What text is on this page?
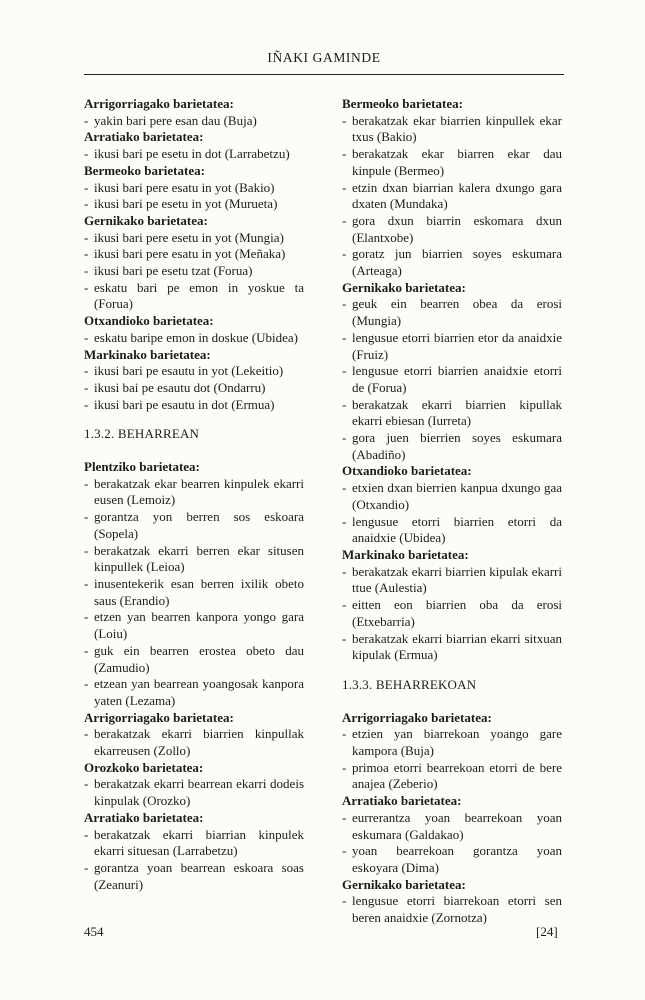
IÑAKI GAMINDE
Arrigorriagako barietatea:
- yakin bari pere esan dau (Buja)
Arratiako barietatea:
- ikusi bari pe esetu in dot (Larrabetzu)
Bermeoko barietatea:
- ikusi bari pere esatu in yot (Bakio)
- ikusi bari pe esetu in yot (Murueta)
Gernikako barietatea:
- ikusi bari pere esetu in yot (Mungia)
- ikusi bari pere esatu in yot (Meñaka)
- ikusi bari pe esetu tzat (Forua)
- eskatu bari pe emon in yoskue ta (Forua)
Otxandioko barietatea:
- eskatu baripe emon in doskue (Ubidea)
Markinako barietatea:
- ikusi bari pe esautu in yot (Lekeitio)
- ikusi bai pe esautu dot (Ondarru)
- ikusi bari pe esautu in dot (Ermua)
1.3.2. BEHARREAN
Plentziko barietatea:
- berakatzak ekar bearren kinpulek ekarri eusen (Lemoiz)
- gorantza yon berren sos eskoara (Sopela)
- berakatzak ekarri berren ekar situsen kinpullek (Leioa)
- inusentekerik esan berren ixilik obeto saus (Erandio)
- etzen yan bearren kanpora yongo gara (Loiu)
- guk ein bearren erostea obeto dau (Zamudio)
- etzean yan bearrean yoangosak kanpora yaten (Lezama)
Arrigorriagako barietatea:
- berakatzak ekarri biarrien kinpullak ekarreusen (Zollo)
Orozkoko barietatea:
- berakatzak ekarri bearrean ekarri dodeis kinpulak (Orozko)
Arratiako barietatea:
- berakatzak ekarri biarrian kinpulek ekarri situesan (Larrabetzu)
- gorantza yoan bearrean eskoara soas (Zeanuri)
Bermeoko barietatea:
- berakatzak ekar biarrien kinpullek ekar txus (Bakio)
- berakatzak ekar biarren ekar dau kinpule (Bermeo)
- etzin dxan biarrian kalera dxungo gara dxaten (Mundaka)
- gora dxun biarrin eskomara dxun (Elantxobe)
- goratz jun biarrien soyes eskumara (Arteaga)
Gernikako barietatea:
- geuk ein bearren obea da erosi (Mungia)
- lengusue etorri biarrien etor da anaidxie (Fruiz)
- lengusue etorri biarrien anaidxie etorri de (Forua)
- berakatzak ekarri biarrien kipullak ekarri ebiesan (Iurreta)
- gora juen bierrien soyes eskumara (Abadiño)
Otxandioko barietatea:
- etxien dxan bierrien kanpua dxungo gaa (Otxandio)
- lengusue etorri biarrien etorri da anaidxie (Ubidea)
Markinako barietatea:
- berakatzak ekarri biarrien kipulak ekarri ttue (Aulestia)
- eitten eon biarrien oba da erosi (Etxebarria)
- berakatzak ekarri biarrian ekarri sitxuan kipulak (Ermua)
1.3.3. BEHARREKOAN
Arrigorriagako barietatea:
- etzien yan biarrekoan yoango gare kampora (Buja)
- primoa etorri bearrekoan etorri de bere anajea (Zeberio)
Arratiako barietatea:
- eurrerantza yoan bearrekoan yoan eskumara (Galdakao)
- yoan bearrekoan gorantza yoan eskoyara (Dima)
Gernikako barietatea:
- lengusue etorri biarrekoan etorri sen beren anaidxie (Zornotza)
454	[24]
